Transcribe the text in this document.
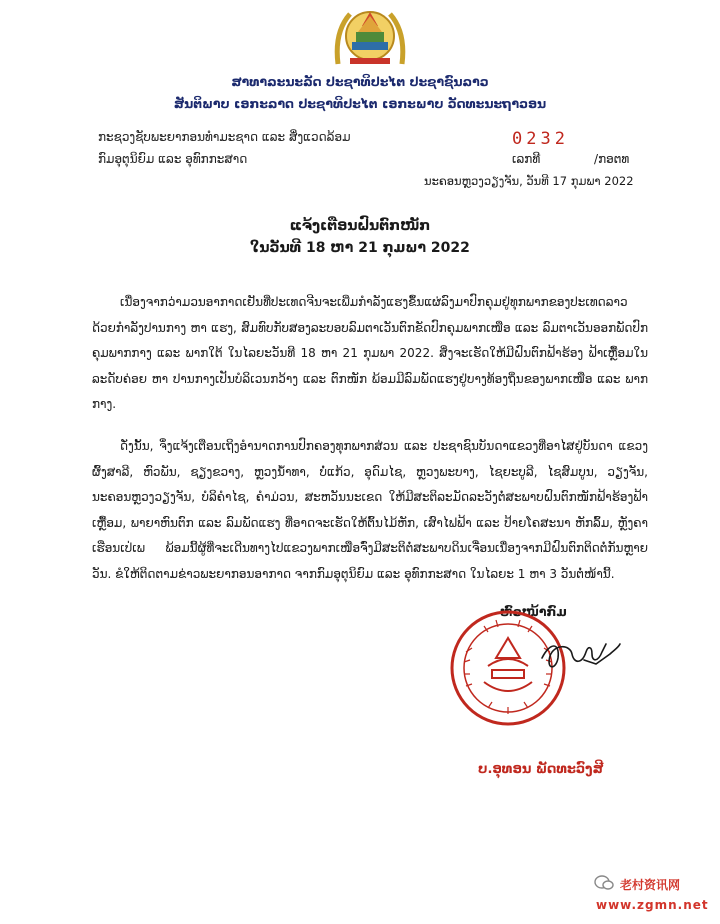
ສາທາລະນະລັດ ປະຊາທິປະໄຕ ປະຊາຊົນລາວ
ສັນຕິພາບ ເອກະລາດ ປະຊາທິປະໄຕ ເອກະພາບ ວັດທະນະຖາວອນ
ກະຊວງຊັບພະຍາກອນທຳມະຊາດ ແລະ ສິ່ງແວດລ້ອມ
ກົມອຸຕຸນິຍົມ ແລະ ອຸທົກກະສາດ
0232
ເລກທີ	/ກອຕທ
ນະຄອນຫຼວງວຽງຈັນ, ວັນທີ 17 ກຸມພາ 2022
ແຈ້ງເຕືອນຝົນຕົກໜັກ
ໃນວັນທີ 18 ຫາ 21 ກຸມພາ 2022
ເນື່ອງຈາກວ່າມວນອາກາດເຢັນທີ່ປະເທດຈີນຈະເພີ່ມກຳລັງແຮງຂຶ້ນແຜ່ລົງມາປົກຄຸມຢູ່ທຸກພາກຂອງປະເທດລາວ ດ້ວຍກຳລັງປານກາງ ຫາ ແຮງ, ສົມທົບກັບສອງລະບອບລົມຕາເວັນຕົກຂັດປົກຄຸມພາກເໜືອ ແລະ ລົມຕາເວັນອອກພັດປົກຄຸມພາກກາງ ແລະ ພາກໃຕ້ ໃນໄລຍະວັນທີ 18 ຫາ 21 ກຸມພາ 2022. ສິ່ງຈະເຮັດໃຫ້ມີຝົນຕົກຟ້າຮ້ອງ ຟ້າເຫຼື້ອມໃນລະດັບຄ່ອຍ ຫາ ປານກາງເປັນບໍລິເວນກວ້າງ ແລະ ຕົກໜັກ ພ້ອມມີລົມພັດແຮງຢູ່ບາງທ້ອງຖິ່ນຂອງພາກເໜືອ ແລະ ພາກກາງ.
ດັ່ງນັ້ນ, ຈຶ່ງແຈ້ງເຕືອນເຖິງອຳນາດການປົກຄອງທຸກພາກສ່ວນ ແລະ ປະຊາຊົນບັນດາແຂວງທີ່ອາໄສຢູ່ບັນດາ ແຂວງຜົ້ງສາລີ, ຫົວພັນ, ຊຽງຂວາງ, ຫຼວງນ້ຳທາ, ບໍ່ແກ້ວ, ອຸດົມໄຊ, ຫຼວງພະບາງ, ໄຊຍະບູລີ, ໄຊສົມບູນ, ວຽງຈັນ, ນະຄອນຫຼວງວຽງຈັນ, ບໍລິຄຳໄຊ, ຄຳມ່ວນ, ສະຫວັນນະເຂດ ໃຫ້ມີສະຕິລະມັດລະວັງຕໍ່ສະພາບຝົນຕົກໜັກຟ້າຮ້ອງຟ້າເຫຼື້ອມ, ພາຍາຫົນຕົກ ແລະ ລົມພັດແຮງ ທີ່ອາດຈະເຮັດໃຫ້ຕົ້ນໄມ້ຫັກ, ເສົາໄຟຟ້າ ແລະ ປ້າຍໂຄສະນາ ຫັກລົ້ມ, ຫຼັງຄາເຮືອນເປ່ເພ ພ້ອມນີ້ຜູ້ທີ່ຈະເດີນທາງໄປແຂວງພາກເໜືອຈົ່ງມີສະຕິຕໍ່ສະພາບດິນເຈື່ອນເນື່ອງຈາກມີຝົນຕົກຕິດຕໍ່ກັນຫຼາຍວັນ. ຂໍໃຫ້ຕິດຕາມຂ່າວພະຍາກອນອາກາດ ຈາກກົມອຸຕຸນິຍົມ ແລະ ອຸທົກກະສາດ ໃນໄລຍະ 1 ຫາ 3 ວັນຕໍ່ໜ້ານີ້.
ຫົວໜ້າກົມ
ບ.ອຸທອນ ພັດທະວົງສີ
老村资讯网
www.zgmn.net
